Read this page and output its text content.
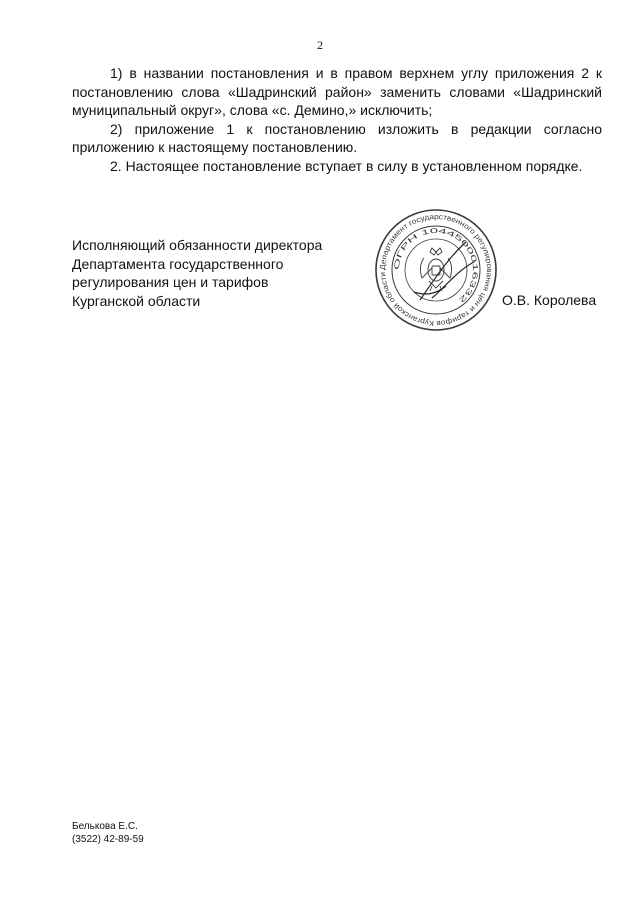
2

1) в названии постановления и в правом верхнем углу приложения 2 к постановлению слова «Шадринский район» заменить словами «Шадринский муниципальный округ», слова «с. Демино,» исключить;

2) приложение 1 к постановлению изложить в редакции согласно приложению к настоящему постановлению.

2. Настоящее постановление вступает в силу в установленном порядке.

Исполняющий обязанности директора
Департамента государственного
регулирования цен и тарифов
Курганской области
Департамент государственного регулирования цен и тарифов Курганской области
ОГРН 1044500016332	О.В. Королева
Белькова Е.С.
(3522) 42-89-59
